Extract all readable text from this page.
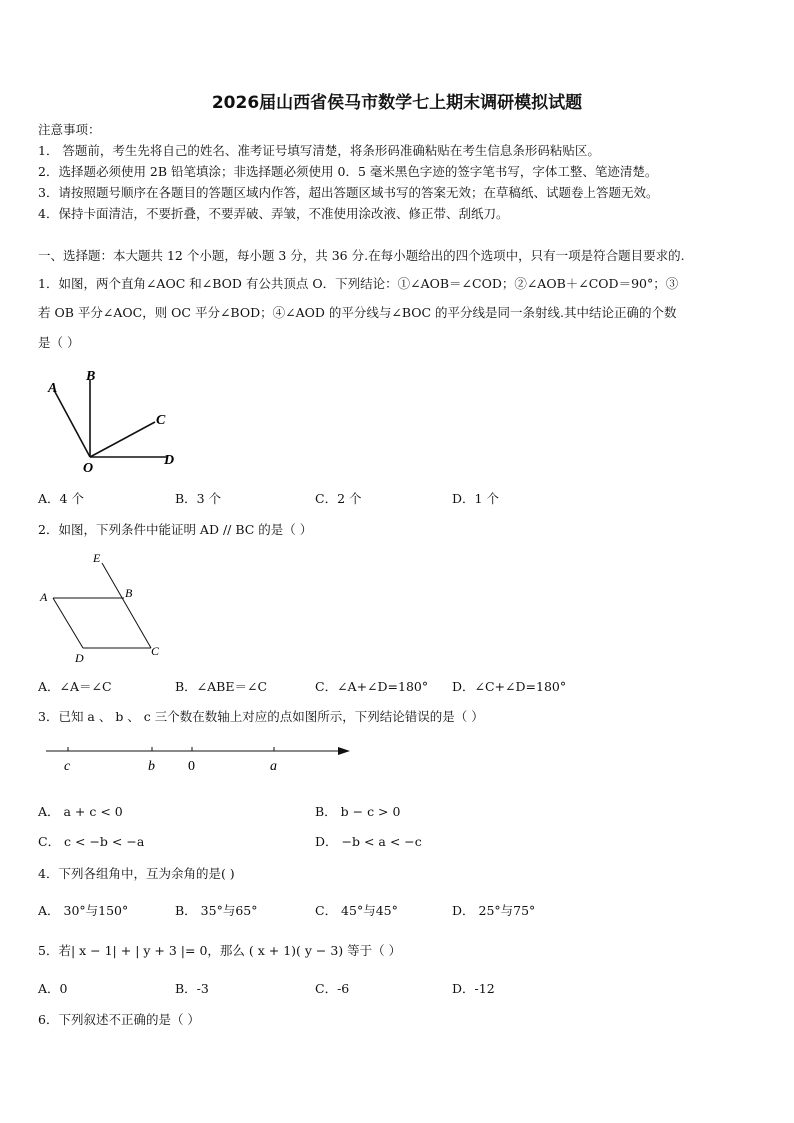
2026届山西省侯马市数学七上期末调研模拟试题
注意事项：
1． 答题前，考生先将自己的姓名、准考证号填写清楚，将条形码准确粘贴在考生信息条形码粘贴区。
2．选择题必须使用 2B 铅笔填涂；非选择题必须使用 0．5 毫米黑色字迹的签字笔书写，字体工整、笔迹清楚。
3．请按照题号顺序在各题目的答题区域内作答，超出答题区域书写的答案无效；在草稿纸、试题卷上答题无效。
4．保持卡面清洁，不要折叠，不要弄破、弄皱，不准使用涂改液、修正带、刮纸刀。
一、选择题：本大题共 12 个小题，每小题 3 分，共 36 分.在每小题给出的四个选项中，只有一项是符合题目要求的.
1．如图，两个直角∠AOC 和∠BOD 有公共顶点 O．下列结论：①∠AOB＝∠COD；②∠AOB＋∠COD＝90°；③
若 OB 平分∠AOC，则 OC 平分∠BOD；④∠AOD 的平分线与∠BOC 的平分线是同一条射线.其中结论正确的个数
是（ ）
A
B
C
O
D
A．4 个	B．3 个	C．2 个	D．1 个
2．如图，下列条件中能证明 AD // BC 的是（ ）
E
A	B
D	C
A．∠A＝∠C	B．∠ABE＝∠C	C．∠A+∠D=180° D．∠C+∠D=180°
3．已知 a 、 b 、 c 三个数在数轴上对应的点如图所示，下列结论错误的是（ ）
c	b 0	a
A． a + c < 0	B． b − c > 0
C． c < −b < −a	D． −b < a < −c
4．下列各组角中，互为余角的是( )
A． 30°与150°	B． 35°与65°	C． 45°与45°	D． 25°与75°
5．若| x − 1| + | y + 3 |= 0，那么 ( x + 1)( y − 3) 等于（ ）
A．0	B．-3	C．-6	D．-12
6．下列叙述不正确的是（ ）
